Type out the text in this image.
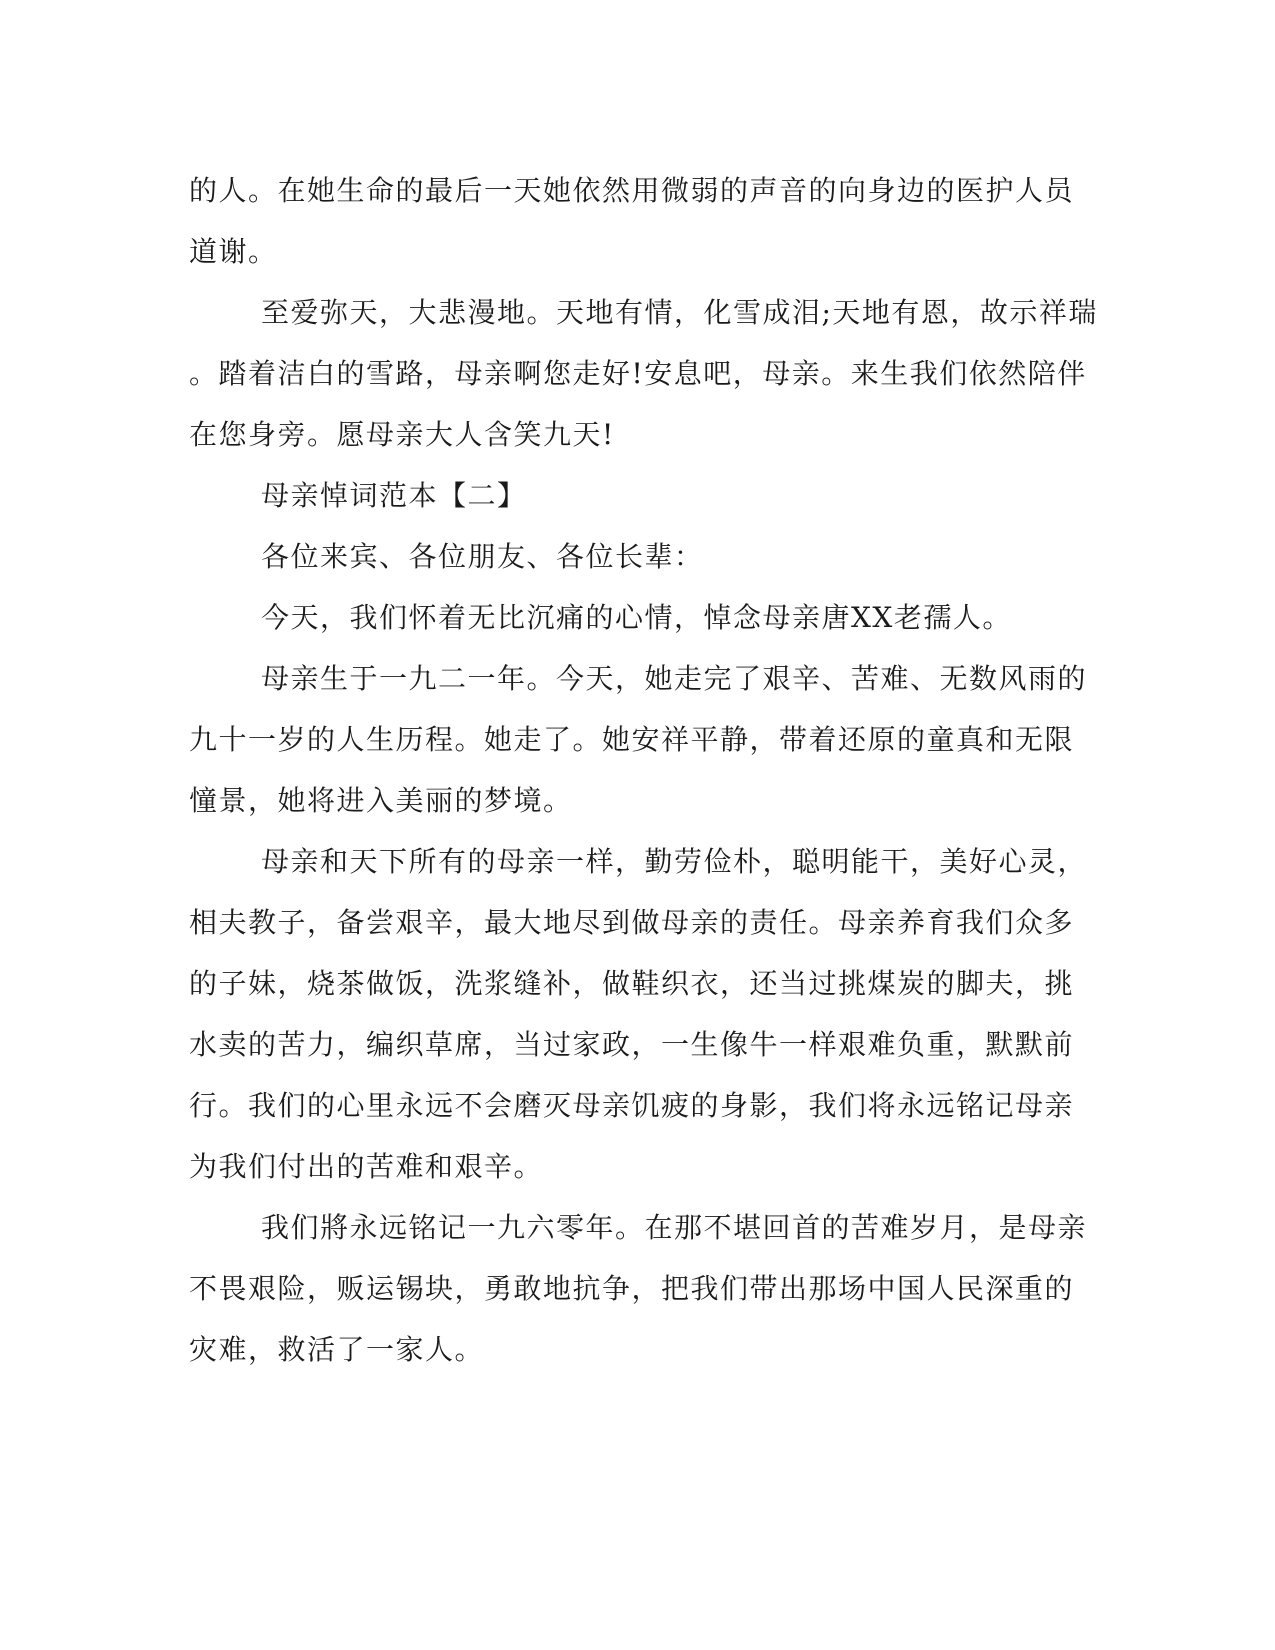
的人。在她生命的最后一天她依然用微弱的声音的向身边的医护人员
道谢。
至爱弥天，大悲漫地。天地有情，化雪成泪;天地有恩，故示祥瑞
。踏着洁白的雪路，母亲啊您走好!安息吧，母亲。来生我们依然陪伴
在您身旁。愿母亲大人含笑九天!
母亲悼词范本【二】
各位来宾、各位朋友、各位长辈：
今天，我们怀着无比沉痛的心情，悼念母亲唐XX老孺人。
母亲生于一九二一年。今天，她走完了艰辛、苦难、无数风雨的
九十一岁的人生历程。她走了。她安祥平静，带着还原的童真和无限
憧景，她将进入美丽的梦境。
母亲和天下所有的母亲一样，勤劳俭朴，聪明能干，美好心灵，
相夫教子，备尝艰辛，最大地尽到做母亲的责任。母亲养育我们众多
的子妹，烧茶做饭，洗浆缝补，做鞋织衣，还当过挑煤炭的脚夫，挑
水卖的苦力，编织草席，当过家政，一生像牛一样艰难负重，默默前
行。我们的心里永远不会磨灭母亲饥疲的身影，我们将永远铭记母亲
为我们付出的苦难和艰辛。
我们將永远铭记一九六零年。在那不堪回首的苦难岁月，是母亲
不畏艰险，贩运锡块，勇敢地抗争，把我们带出那场中国人民深重的
灾难，救活了一家人。
